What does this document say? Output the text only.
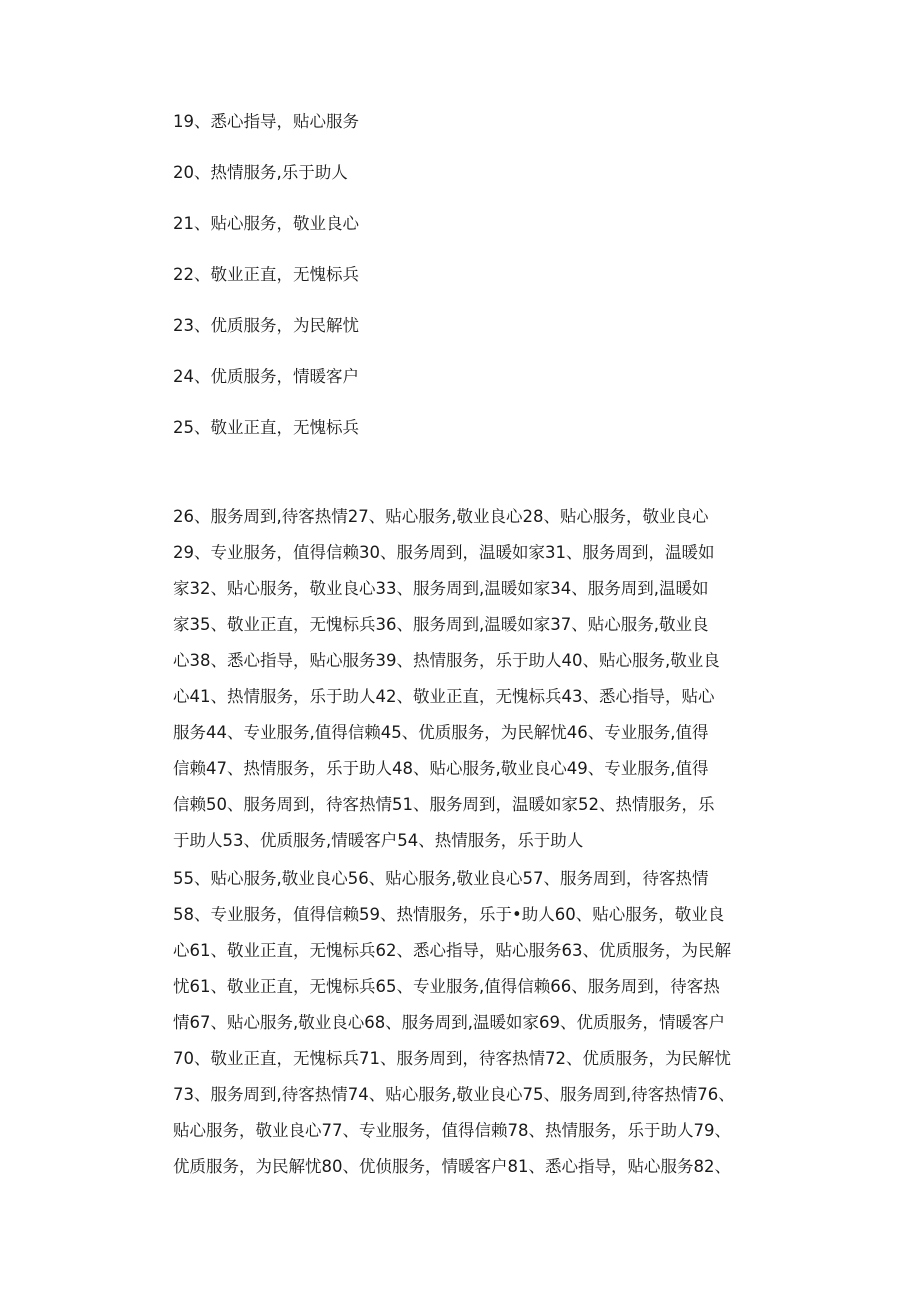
19、悉心指导，贴心服务
20、热情服务,乐于助人
21、贴心服务，敬业良心
22、敬业正直，无愧标兵
23、优质服务，为民解忧
24、优质服务，情暖客户
25、敬业正直，无愧标兵
26、服务周到,待客热情27、贴心服务,敬业良心28、贴心服务，敬业良心
29、专业服务，值得信赖30、服务周到，温暖如家31、服务周到，温暖如
家32、贴心服务，敬业良心33、服务周到,温暖如家34、服务周到,温暖如
家35、敬业正直，无愧标兵36、服务周到,温暖如家37、贴心服务,敬业良
心38、悉心指导，贴心服务39、热情服务，乐于助人40、贴心服务,敬业良
心41、热情服务，乐于助人42、敬业正直，无愧标兵43、悉心指导，贴心
服务44、专业服务,值得信赖45、优质服务，为民解忧46、专业服务,值得
信赖47、热情服务，乐于助人48、贴心服务,敬业良心49、专业服务,值得
信赖50、服务周到，待客热情51、服务周到，温暖如家52、热情服务，乐
于助人53、优质服务,情暖客户54、热情服务，乐于助人
55、贴心服务,敬业良心56、贴心服务,敬业良心57、服务周到，待客热情
58、专业服务，值得信赖59、热情服务，乐于•助人60、贴心服务，敬业良
心61、敬业正直，无愧标兵62、悉心指导，贴心服务63、优质服务，为民解
忧61、敬业正直，无愧标兵65、专业服务,值得信赖66、服务周到，待客热
情67、贴心服务,敬业良心68、服务周到,温暖如家69、优质服务，情暖客户
70、敬业正直，无愧标兵71、服务周到，待客热情72、优质服务，为民解忧
73、服务周到,待客热情74、贴心服务,敬业良心75、服务周到,待客热情76、
贴心服务，敬业良心77、专业服务，值得信赖78、热情服务，乐于助人79、
优质服务，为民解忧80、优侦服务，情暖客户81、悉心指导，贴心服务82、
